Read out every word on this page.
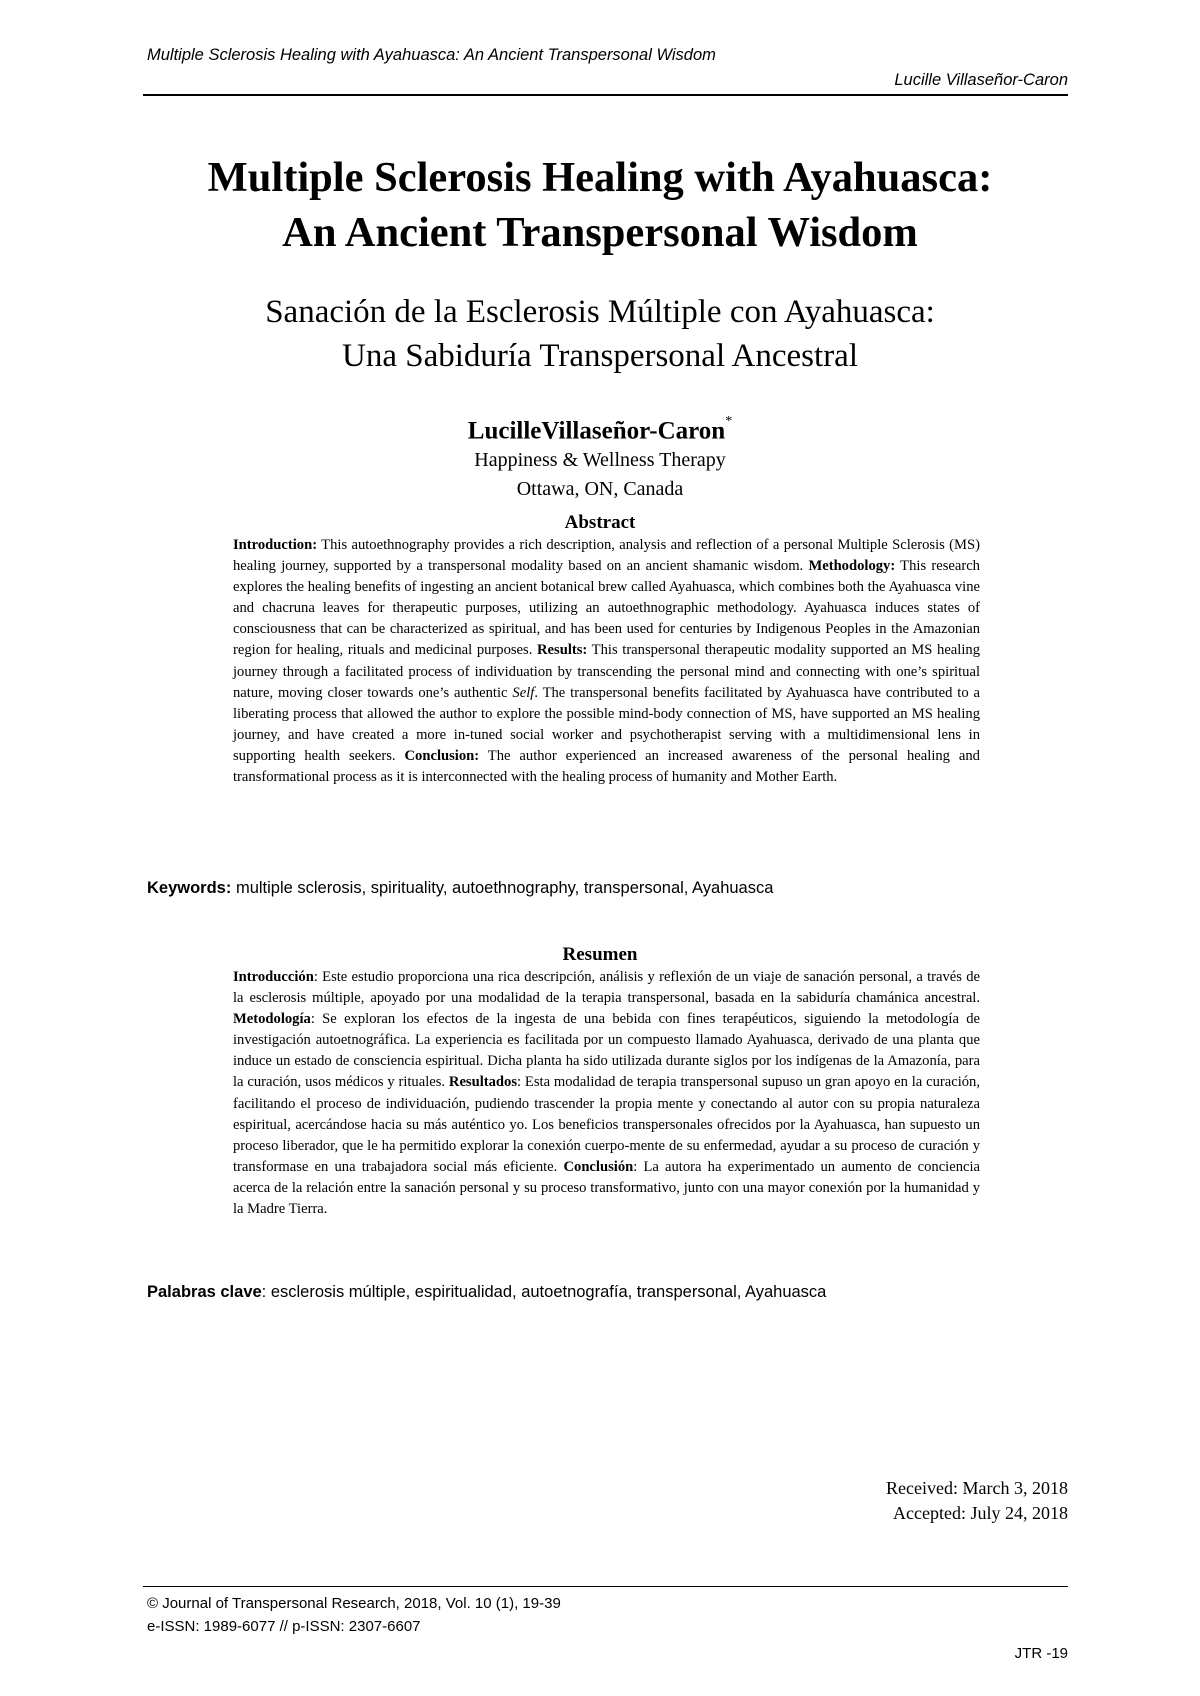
Multiple Sclerosis Healing with Ayahuasca: An Ancient Transpersonal Wisdom
Lucille Villaseñor-Caron
Multiple Sclerosis Healing with Ayahuasca:
An Ancient Transpersonal Wisdom
Sanación de la Esclerosis Múltiple con Ayahuasca:
Una Sabiduría Transpersonal Ancestral
LucilleVillaseñor-Caron*
Happiness & Wellness Therapy
Ottawa, ON, Canada
Abstract
Introduction: This autoethnography provides a rich description, analysis and reflection of a personal Multiple Sclerosis (MS) healing journey, supported by a transpersonal modality based on an ancient shamanic wisdom. Methodology: This research explores the healing benefits of ingesting an ancient botanical brew called Ayahuasca, which combines both the Ayahuasca vine and chacruna leaves for therapeutic purposes, utilizing an autoethnographic methodology. Ayahuasca induces states of consciousness that can be characterized as spiritual, and has been used for centuries by Indigenous Peoples in the Amazonian region for healing, rituals and medicinal purposes. Results: This transpersonal therapeutic modality supported an MS healing journey through a facilitated process of individuation by transcending the personal mind and connecting with one’s spiritual nature, moving closer towards one’s authentic Self. The transpersonal benefits facilitated by Ayahuasca have contributed to a liberating process that allowed the author to explore the possible mind-body connection of MS, have supported an MS healing journey, and have created a more in-tuned social worker and psychotherapist serving with a multidimensional lens in supporting health seekers. Conclusion: The author experienced an increased awareness of the personal healing and transformational process as it is interconnected with the healing process of humanity and Mother Earth.
Keywords: multiple sclerosis, spirituality, autoethnography, transpersonal, Ayahuasca
Resumen
Introducción: Este estudio proporciona una rica descripción, análisis y reflexión de un viaje de sanación personal, a través de la esclerosis múltiple, apoyado por una modalidad de la terapia transpersonal, basada en la sabiduría chamánica ancestral. Metodología: Se exploran los efectos de la ingesta de una bebida con fines terapéuticos, siguiendo la metodología de investigación autoetnográfica. La experiencia es facilitada por un compuesto llamado Ayahuasca, derivado de una planta que induce un estado de consciencia espiritual. Dicha planta ha sido utilizada durante siglos por los indígenas de la Amazonía, para la curación, usos médicos y rituales. Resultados: Esta modalidad de terapia transpersonal supuso un gran apoyo en la curación, facilitando el proceso de individuación, pudiendo trascender la propia mente y conectando al autor con su propia naturaleza espiritual, acercándose hacia su más auténtico yo. Los beneficios transpersonales ofrecidos por la Ayahuasca, han supuesto un proceso liberador, que le ha permitido explorar la conexión cuerpo-mente de su enfermedad, ayudar a su proceso de curación y transformase en una trabajadora social más eficiente. Conclusión: La autora ha experimentado un aumento de conciencia acerca de la relación entre la sanación personal y su proceso transformativo, junto con una mayor conexión por la humanidad y la Madre Tierra.
Palabras clave: esclerosis múltiple, espiritualidad, autoetnografía, transpersonal, Ayahuasca
Received: March 3, 2018
Accepted: July 24, 2018
© Journal of Transpersonal Research, 2018, Vol. 10 (1), 19-39
e-ISSN: 1989-6077 // p-ISSN: 2307-6607
JTR -19
